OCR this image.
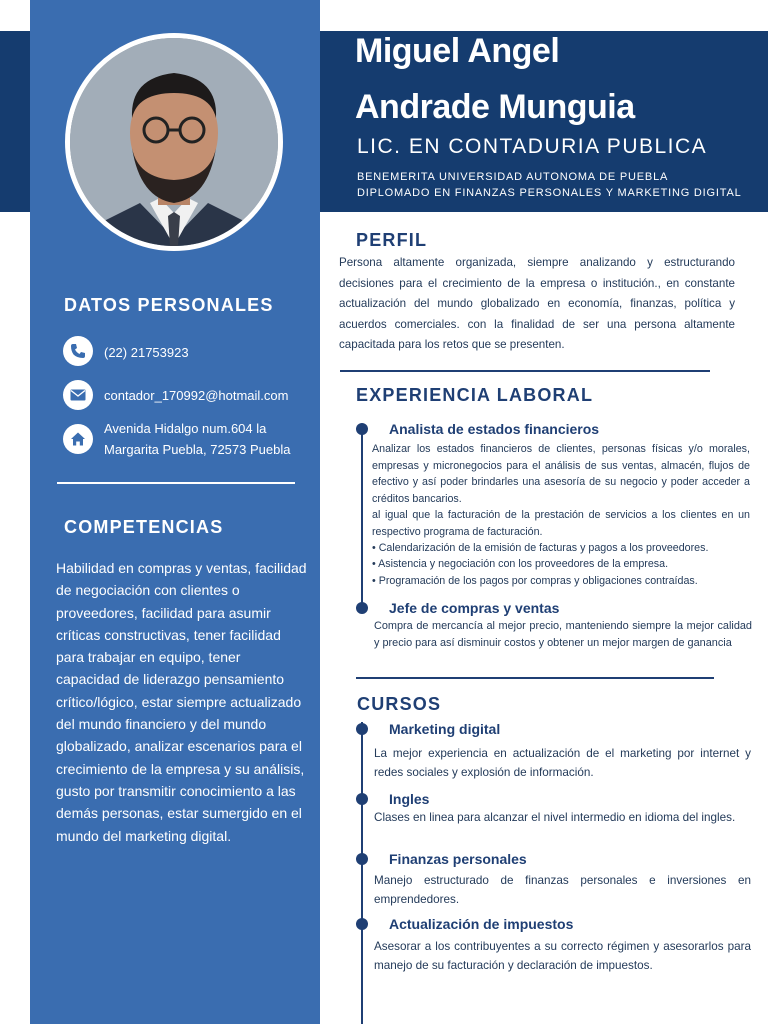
Miguel Angel
Andrade Munguia
LIC. EN CONTADURIA PUBLICA
BENEMERITA UNIVERSIDAD AUTONOMA DE PUEBLA
DIPLOMADO EN FINANZAS PERSONALES Y MARKETING DIGITAL
DATOS PERSONALES
(22) 21753923
contador_170992@hotmail.com
Avenida Hidalgo num.604 la
Margarita Puebla, 72573 Puebla
COMPETENCIAS

Habilidad en compras y ventas, facilidad de negociación con clientes o proveedores, facilidad para asumir críticas constructivas, tener facilidad para trabajar en equipo, tener capacidad de liderazgo pensamiento crítico/lógico, estar siempre actualizado del mundo financiero y del mundo globalizado, analizar escenarios para el crecimiento de la empresa y su análisis, gusto por transmitir conocimiento a las demás personas, estar sumergido en el mundo del marketing digital.

PERFIL

Persona altamente organizada, siempre analizando y estructurando decisiones para el crecimiento de la empresa o institución., en constante actualización del mundo globalizado en economía, finanzas, política y acuerdos comerciales. con la finalidad de ser una persona altamente capacitada para los retos que se presenten.

EXPERIENCIA LABORAL
Analista de estados financieros

Analizar los estados financieros de clientes, personas físicas y/o morales, empresas y micronegocios para el análisis de sus ventas, almacén, flujos de efectivo y así poder brindarles una asesoría de su negocio y poder acceder a créditos bancarios.

al igual que la facturación de la prestación de servicios a los clientes en un respectivo programa de facturación.

• Calendarización de la emisión de facturas y pagos a los proveedores.
• Asistencia y negociación con los proveedores de la empresa.
• Programación de los pagos por compras y obligaciones contraídas.
Jefe de compras y ventas

Compra de mercancía al mejor precio, manteniendo siempre la mejor calidad y precio para así disminuir costos y obtener un mejor margen de ganancia

CURSOS
Marketing digital

La mejor experiencia en actualización de el marketing por internet y redes sociales y explosión de información.

Ingles

Clases en linea para alcanzar el nivel intermedio en idioma del ingles.

Finanzas personales

Manejo estructurado de finanzas personales e inversiones en emprendedores.

Actualización de impuestos

Asesorar a los contribuyentes a su correcto régimen y asesorarlos para manejo de su facturación y declaración de impuestos.
